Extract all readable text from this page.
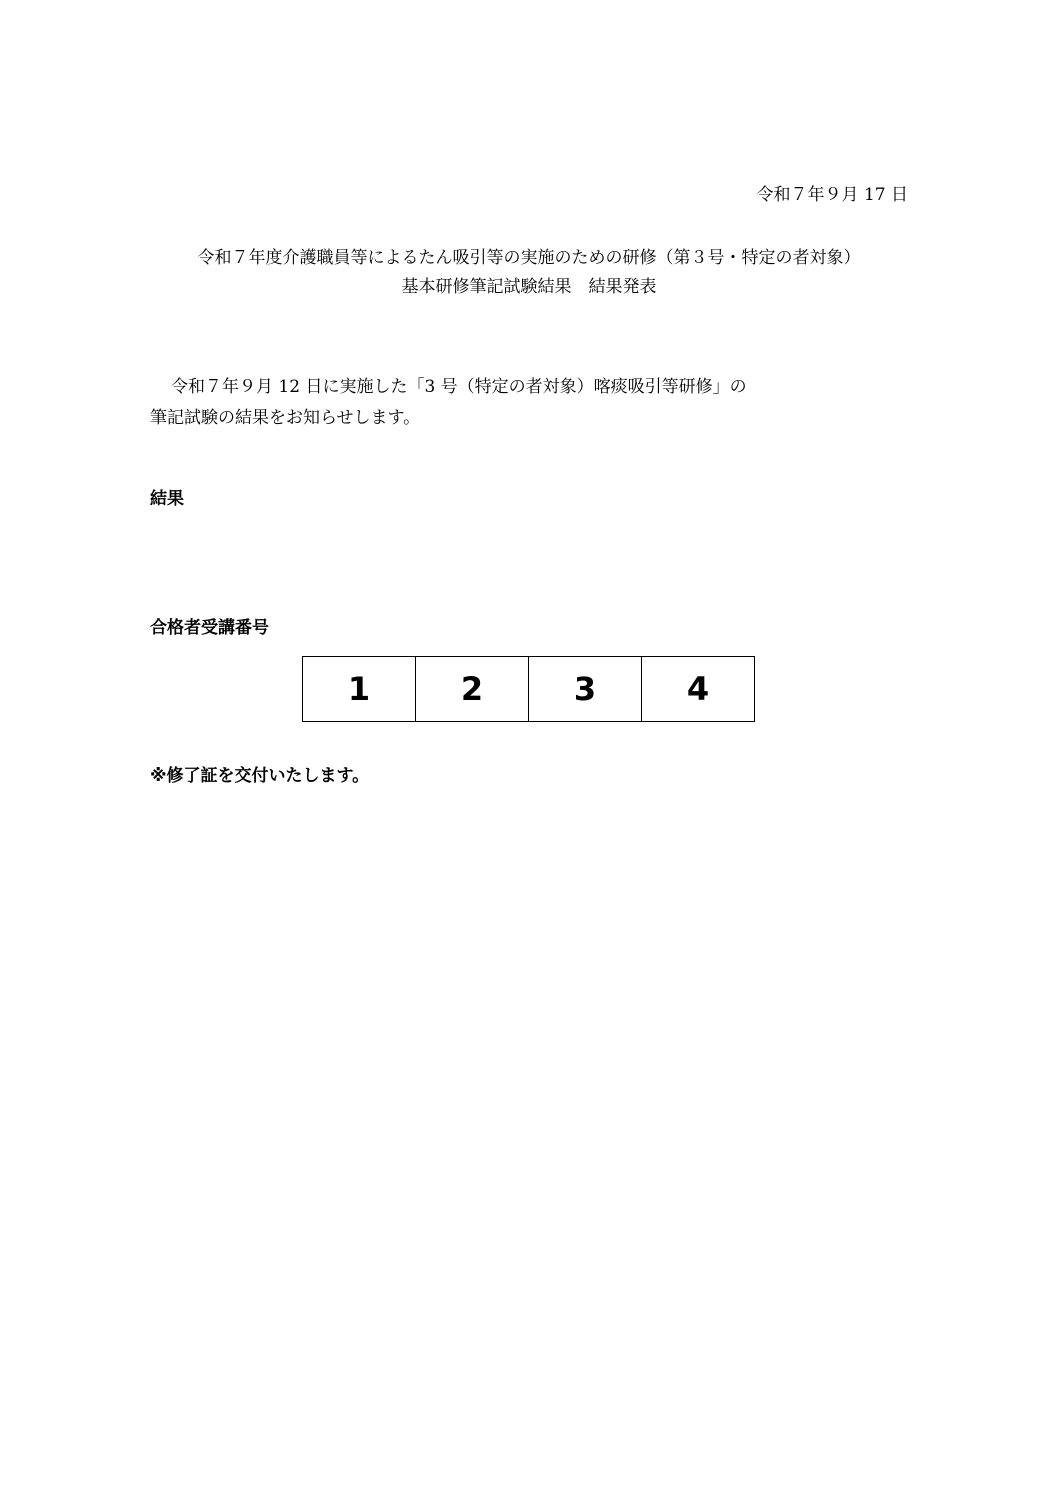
令和７年９月 17 日
令和７年度介護職員等によるたん吸引等の実施のための研修（第３号・特定の者対象）
基本研修筆記試験結果　結果発表
令和７年９月 12 日に実施した「3 号（特定の者対象）喀痰吸引等研修」の
筆記試験の結果をお知らせします。
結果
合格者受講番号
1	2	3	4
※修了証を交付いたします。
